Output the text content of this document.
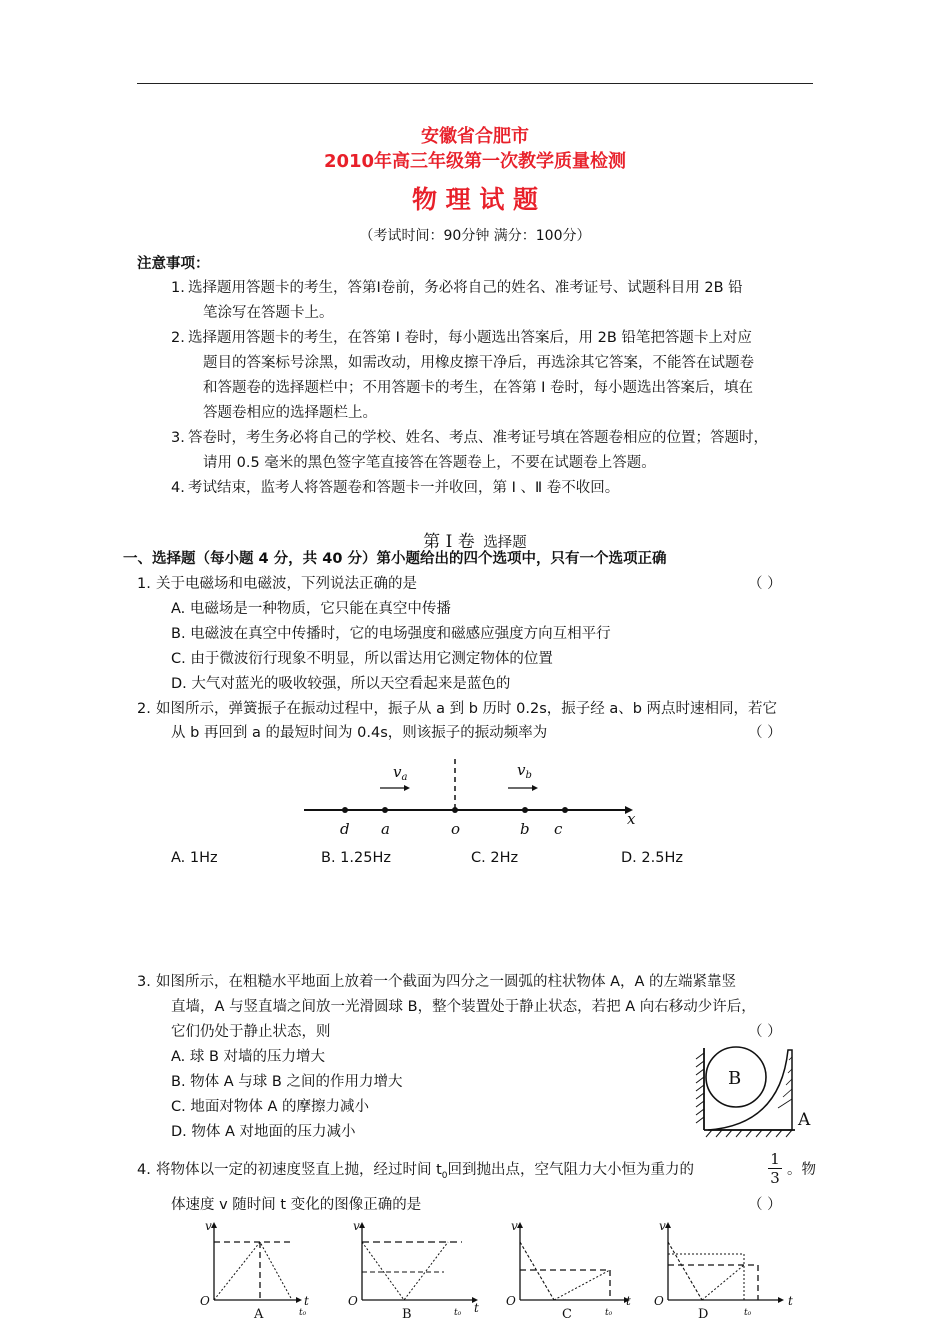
安徽省合肥市
2010年高三年级第一次教学质量检测
物 理 试 题
（考试时间：90分钟 满分：100分）
注意事项：
1. 选择题用答题卡的考生，答第Ⅰ卷前，务必将自己的姓名、准考证号、试题科目用 2B 铅
笔涂写在答题卡上。
2. 选择题用答题卡的考生，在答第 Ⅰ 卷时，每小题选出答案后，用 2B 铅笔把答题卡上对应
题目的答案标号涂黑，如需改动，用橡皮擦干净后，再选涂其它答案，不能答在试题卷
和答题卷的选择题栏中；不用答题卡的考生，在答第 Ⅰ 卷时，每小题选出答案后，填在
答题卷相应的选择题栏上。
3. 答卷时，考生务必将自己的学校、姓名、考点、准考证号填在答题卷相应的位置；答题时，
请用 0.5 毫米的黑色签字笔直接答在答题卷上，不要在试题卷上答题。
4. 考试结束，监考人将答题卷和答题卡一并收回，第 Ⅰ 、Ⅱ 卷不收回。
第 Ⅰ 卷 选择题
一、选择题（每小题 4 分，共 40 分）第小题给出的四个选项中，只有一个选项正确
1. 关于电磁场和电磁波，下列说法正确的是	（ ）
A. 电磁场是一种物质，它只能在真空中传播
B. 电磁波在真空中传播时，它的电场强度和磁感应强度方向互相平行
C. 由于微波衍行现象不明显，所以雷达用它测定物体的位置
D. 大气对蓝光的吸收较强，所以天空看起来是蓝色的
2. 如图所示，弹簧振子在振动过程中，振子从 a 到 b 历时 0.2s，振子经 a、b 两点时速相同，若它
从 b 再回到 a 的最短时间为 0.4s，则该振子的振动频率为	（ ）
d a	o	b c
x
$v_a$	$v_b$
A. 1Hz	B. 1.25Hz	C. 2Hz	D. 2.5Hz
3. 如图所示，在粗糙水平地面上放着一个截面为四分之一圆弧的柱状物体 A，A 的左端紧靠竖
直墙，A 与竖直墙之间放一光滑圆球 B，整个装置处于静止状态，若把 A 向右移动少许后，
它们仍处于静止状态，则	（ ）
A. 球 B 对墙的压力增大
B. 物体 A 与球 B 之间的作用力增大
C. 地面对物体 A 的摩擦力减小
D. 物体 A 对地面的压力减小
B
A
4. 将物体以一定的初速度竖直上抛，经过时间 $t_0$回到抛出点，空气阻力大小恒为重力的	$\frac{1}{3}$ 。物
体速度 v 随时间 t 变化的图像正确的是	（ ）
v
O	t
t₀
A
v
O	t
t₀
B
v
O	t
t₀
C
v
O	t
t₀
D
